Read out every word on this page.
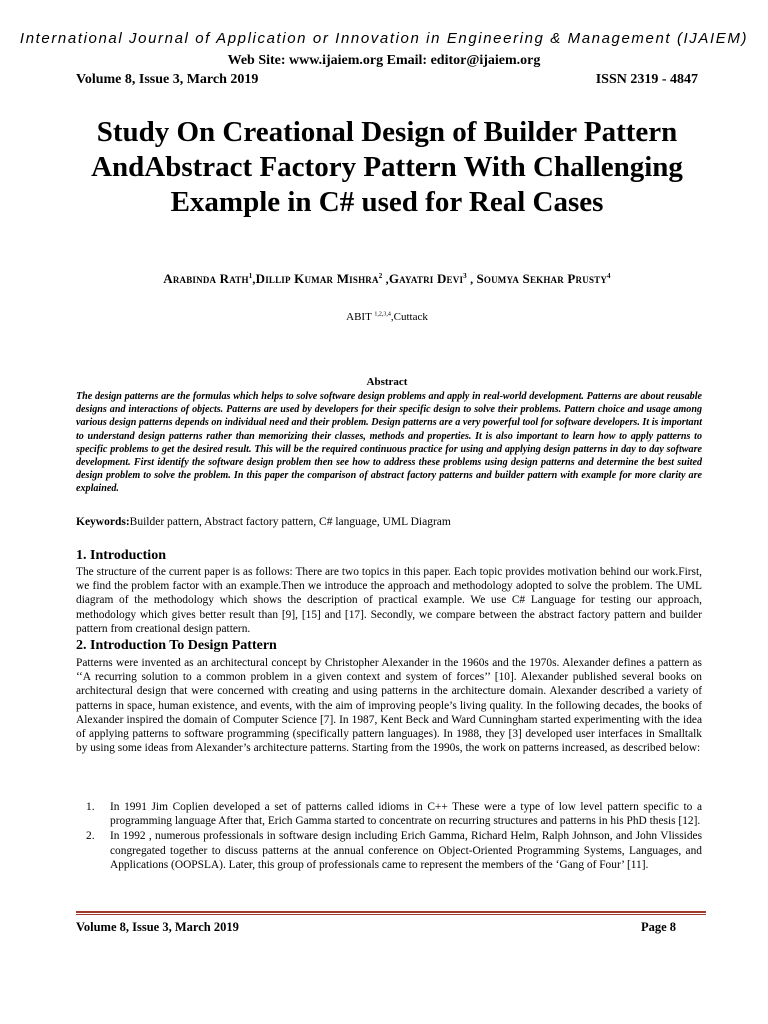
International Journal of Application or Innovation in Engineering & Management (IJAIEM)
Web Site: www.ijaiem.org Email: editor@ijaiem.org
Volume 8, Issue 3, March 2019	ISSN 2319 - 4847
Study On Creational Design of Builder Pattern AndAbstract Factory Pattern With Challenging Example in C# used for Real Cases
Arabinda Rath$^1$,Dillip Kumar Mishra$^2$ ,Gayatri Devi$^3$ , Soumya Sekhar Prusty$^4$
ABIT $^{1,2,3,4}$,Cuttack
Abstract
The design patterns are the formulas which helps to solve software design problems and apply in real-world development. Patterns are about reusable designs and interactions of objects. Patterns are used by developers for their specific design to solve their problems. Pattern choice and usage among various design patterns depends on individual need and their problem. Design patterns are a very powerful tool for software developers. It is important to understand design patterns rather than memorizing their classes, methods and properties. It is also important to learn how to apply patterns to specific problems to get the desired result. This will be the required continuous practice for using and applying design patterns in day to day software development. First identify the software design problem then see how to address these problems using design patterns and determine the best suited design problem to solve the problem. In this paper the comparison of abstract factory patterns and builder pattern with example for more clarity are explained.
Keywords:Builder pattern, Abstract factory pattern, C# language, UML Diagram
1. Introduction
The structure of the current paper is as follows: There are two topics in this paper. Each topic provides motivation behind our work.First, we find the problem factor with an example.Then we introduce the approach and methodology adopted to solve the problem. The UML diagram of the methodology which shows the description of practical example. We use C# Language for testing our approach, methodology which gives better result than [9], [15] and [17]. Secondly, we compare between the abstract factory pattern and builder pattern from creational design pattern.
2. Introduction To Design Pattern
Patterns were invented as an architectural concept by Christopher Alexander in the 1960s and the 1970s. Alexander defines a pattern as ‘‘A recurring solution to a common problem in a given context and system of forces’’ [10]. Alexander published several books on architectural design that were concerned with creating and using patterns in the architecture domain. Alexander described a variety of patterns in space, human existence, and events, with the aim of improving people’s living quality. In the following decades, the books of Alexander inspired the domain of Computer Science [7]. In 1987, Kent Beck and Ward Cunningham started experimenting with the idea of applying patterns to software programming (specifically pattern languages). In 1988, they [3] developed user interfaces in Smalltalk by using some ideas from Alexander’s architecture patterns. Starting from the 1990s, the work on patterns increased, as described below:
1. In 1991 Jim Coplien developed a set of patterns called idioms in C++ These were a type of low level pattern specific to a programming language After that, Erich Gamma started to concentrate on recurring structures and patterns in his PhD thesis [12].
2. In 1992 , numerous professionals in software design including Erich Gamma, Richard Helm, Ralph Johnson, and John Vlissides congregated together to discuss patterns at the annual conference on Object-Oriented Programming Systems, Languages, and Applications (OOPSLA). Later, this group of professionals came to represent the members of the ‘Gang of Four’ [11].
Volume 8, Issue 3, March 2019	Page 8
